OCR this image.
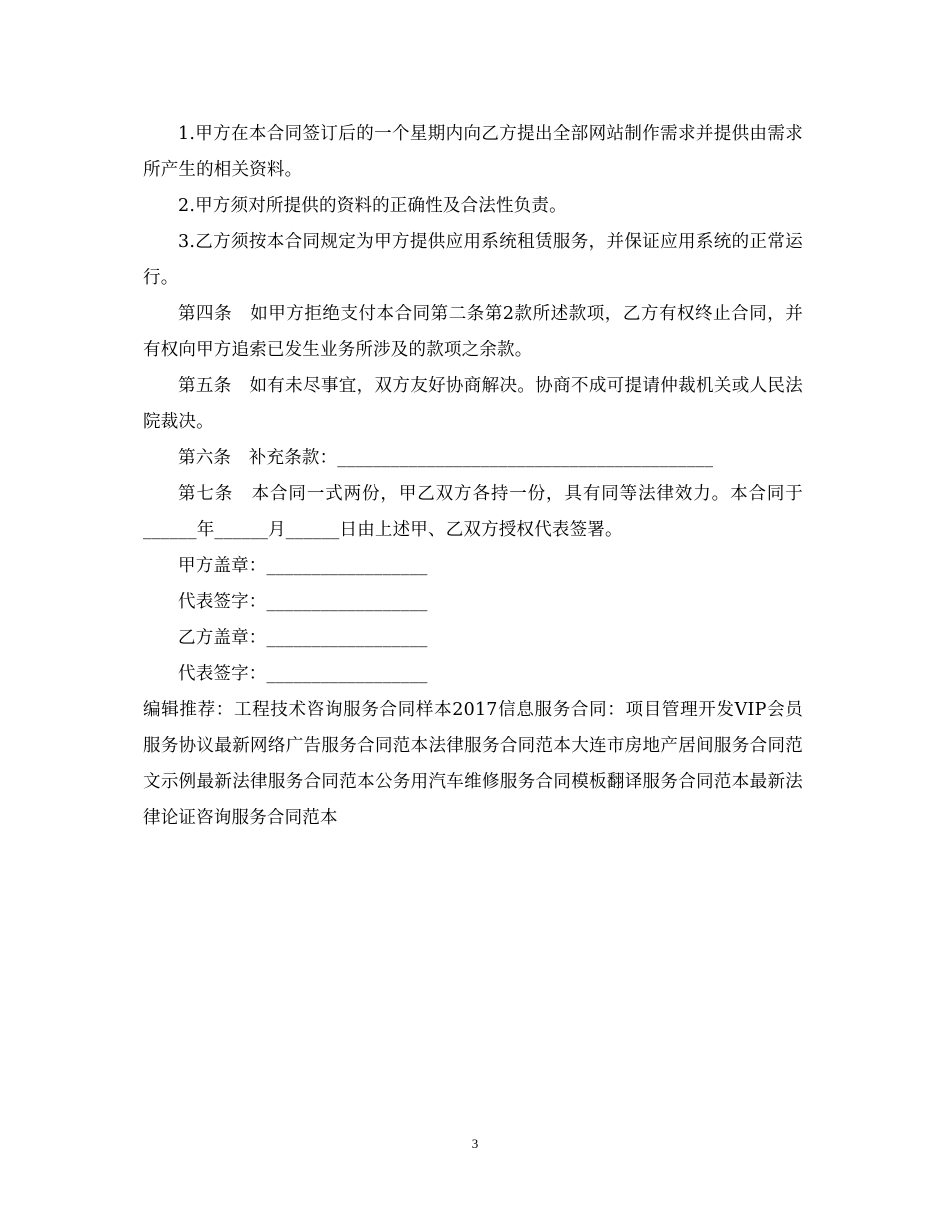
1.甲方在本合同签订后的一个星期内向乙方提出全部网站制作需求并提供由需求所产生的相关资料。

2.甲方须对所提供的资料的正确性及合法性负责。

3.乙方须按本合同规定为甲方提供应用系统租赁服务，并保证应用系统的正常运行。

第四条　如甲方拒绝支付本合同第二条第2款所述款项，乙方有权终止合同，并有权向甲方追索已发生业务所涉及的款项之余款。

第五条　如有未尽事宜，双方友好协商解决。协商不成可提请仲裁机关或人民法院裁决。

第六条　补充条款：__________________________________________

第七条　本合同一式两份，甲乙双方各持一份，具有同等法律效力。本合同于______年______月______日由上述甲、乙双方授权代表签署。

甲方盖章：__________________

代表签字：__________________

乙方盖章：__________________

代表签字：__________________

编辑推荐：工程技术咨询服务合同样本2017信息服务合同：项目管理开发VIP会员服务协议最新网络广告服务合同范本法律服务合同范本大连市房地产居间服务合同范文示例最新法律服务合同范本公务用汽车维修服务合同模板翻译服务合同范本最新法律论证咨询服务合同范本

3
